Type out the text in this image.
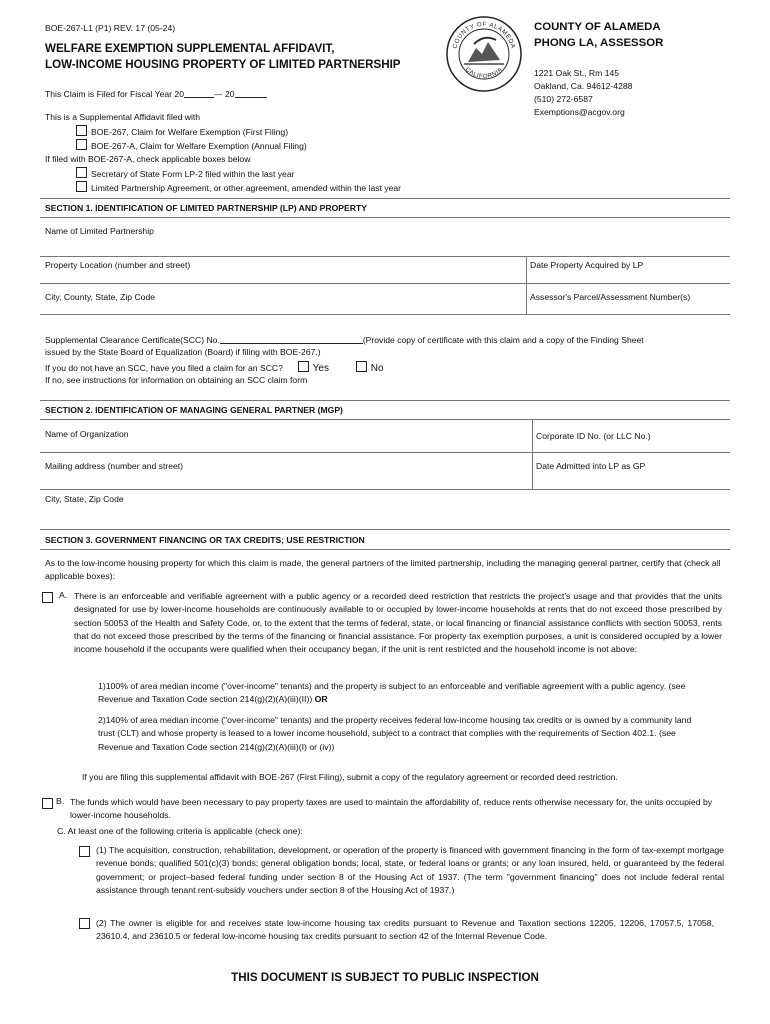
BOE-267-L1 (P1) REV. 17 (05-24)
WELFARE EXEMPTION SUPPLEMENTAL AFFIDAVIT,
LOW-INCOME HOUSING PROPERTY OF LIMITED PARTNERSHIP
This Claim is Filed for Fiscal Year 20	— 20
COUNTY OF ALAMEDA
CALIFORNIA
COUNTY OF ALAMEDA
PHONG LA, ASSESSOR
1221 Oak St., Rm 145
Oakland, Ca. 94612-4288
(510) 272-6587
Exemptions@acgov.org
This is a Supplemental Affidavit filed with
BOE-267, Claim for Welfare Exemption (First Filing)
BOE-267-A, Claim for Welfare Exemption (Annual Filing)
If filed with BOE-267-A, check applicable boxes below
Secretary of State Form LP-2 filed within the last year
Limited Partnership Agreement, or other agreement, amended within the last year
SECTION 1. IDENTIFICATION OF LIMITED PARTNERSHIP (LP) AND PROPERTY
Name of Limited Partnership
Property Location (number and street)	Date Property Acquired by LP
City, County, State, Zip Code	Assessor's Parcel/Assessment Number(s)
Supplemental Clearance Certificate(SCC) No.	(Provide copy of certificate with this claim and a copy of the Finding Sheet
issued by the State Board of Equalization (Board) if filing with BOE-267.)
If you do not have an SCC, have you filed a claim for an SCC?	Yes	No
If no, see instructions for information on obtaining an SCC claim form
SECTION 2. IDENTIFICATION OF MANAGING GENERAL PARTNER (MGP)
Name of Organization	Corporate ID No. (or LLC No.)
Mailing address (number and street)	Date Admitted into LP as GP
City, State, Zip Code
SECTION 3. GOVERNMENT FINANCING OR TAX CREDITS; USE RESTRICTION
As to the low-income housing property for which this claim is made, the general partners of the limited partnership, including the managing general partner, certify that (check all applicable boxes):
A. There is an enforceable and verifiable agreement with a public agency or a recorded deed restriction that restricts the project's usage and that provides that the units designated for use by lower-income households are continuously available to or occupied by lower-income households at rents that do not exceed those prescribed by section 50053 of the Health and Safety Code, or, to the extent that the terms of federal, state, or local financing or financial assistance conflicts with section 50053, rents that do not exceed those prescribed by the terms of the financing or financial assistance. For property tax exemption purposes, a unit is considered occupied by a lower income household if the occupants were qualified when their occupancy began, if the unit is rent restricted and the household income is not above:
1)100% of area median income ("over-income" tenants) and the property is subject to an enforceable and verifiable agreement with a public agency. (see Revenue and Taxation Code section 214(g)(2)(A)(iii)(II)) OR
2)140% of area median income ("over-income" tenants) and the property receives federal low-income housing tax credits or is owned by a community land trust (CLT) and whose property is leased to a lower income household, subject to a contract that complies with the requirements of Section 402.1. (see Revenue and Taxation Code section 214(g)(2)(A)(iii)(I) or (iv))
If you are filing this supplemental affidavit with BOE-267 (First Filing), submit a copy of the regulatory agreement or recorded deed restriction.
B. The funds which would have been necessary to pay property taxes are used to maintain the affordability of, reduce rents otherwise necessary for, the units occupied by lower-income households.
C. At least one of the following criteria is applicable (check one):
(1) The acquisition, construction, rehabilitation, development, or operation of the property is financed with government financing in the form of tax-exempt mortgage revenue bonds; qualified 501(c)(3) bonds; general obligation bonds; local, state, or federal loans or grants; or any loan insured, held, or guaranteed by the federal government; or project–based federal funding under section 8 of the Housing Act of 1937. (The term "government financing" does not include federal rental assistance through tenant rent-subsidy vouchers under section 8 of the Housing Act of 1937.)
(2) The owner is eligible for and receives state low-income housing tax credits pursuant to Revenue and Taxation sections 12205, 12206, 17057.5, 17058, 23610.4, and 23610.5 or federal low-income housing tax credits pursuant to section 42 of the Internal Revenue Code.
THIS DOCUMENT IS SUBJECT TO PUBLIC INSPECTION
